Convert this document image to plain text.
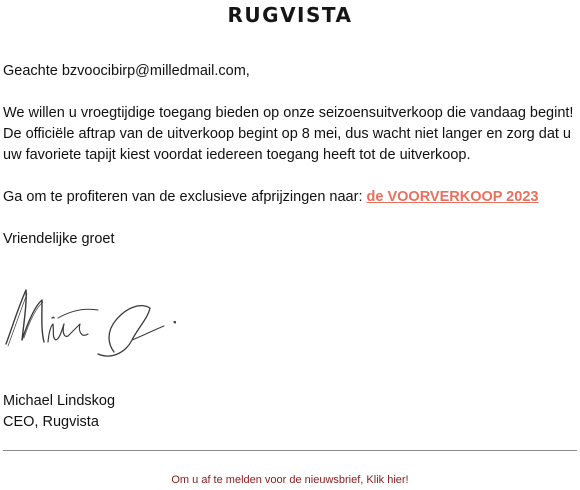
RUGVISTA

Geachte bzvoocibirp@milledmail.com,

We willen u vroegtijdige toegang bieden op onze seizoensuitverkoop die vandaag begint! De officiële aftrap van de uitverkoop begint op 8 mei, dus wacht niet langer en zorg dat u uw favoriete tapijt kiest voordat iedereen toegang heeft tot de uitverkoop.

Ga om te profiteren van de exclusieve afprijzingen naar: de VOORVERKOOP 2023

Vriendelijke groet

Michael Lindskog
CEO, Rugvista
Om u af te melden voor de nieuwsbrief, Klik hier!
